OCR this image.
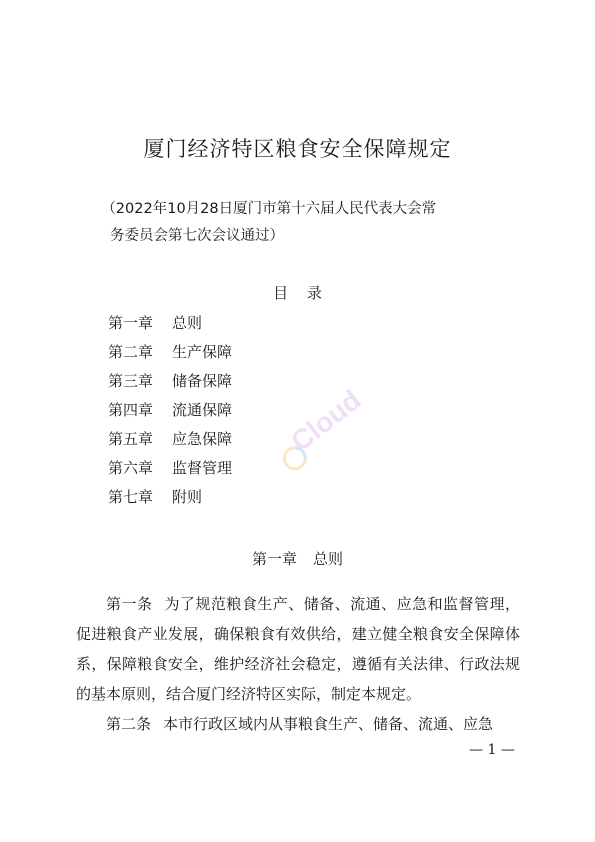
厦门经济特区粮食安全保障规定
（2022年10月28日厦门市第十六届人民代表大会常
务委员会第七次会议通过）
目 录
第一章 总则
第二章 生产保障
第三章 储备保障
第四章 流通保障
第五章 应急保障
第六章 监督管理
第七章 附则
第一章 总则

第一条 为了规范粮食生产、储备、流通、应急和监督管理，促进粮食产业发展，确保粮食有效供给，建立健全粮食安全保障体系，保障粮食安全，维护经济社会稳定，遵循有关法律、行政法规的基本原则，结合厦门经济特区实际，制定本规定。

第二条 本市行政区域内从事粮食生产、储备、流通、应急

— 1 —
Cloud
